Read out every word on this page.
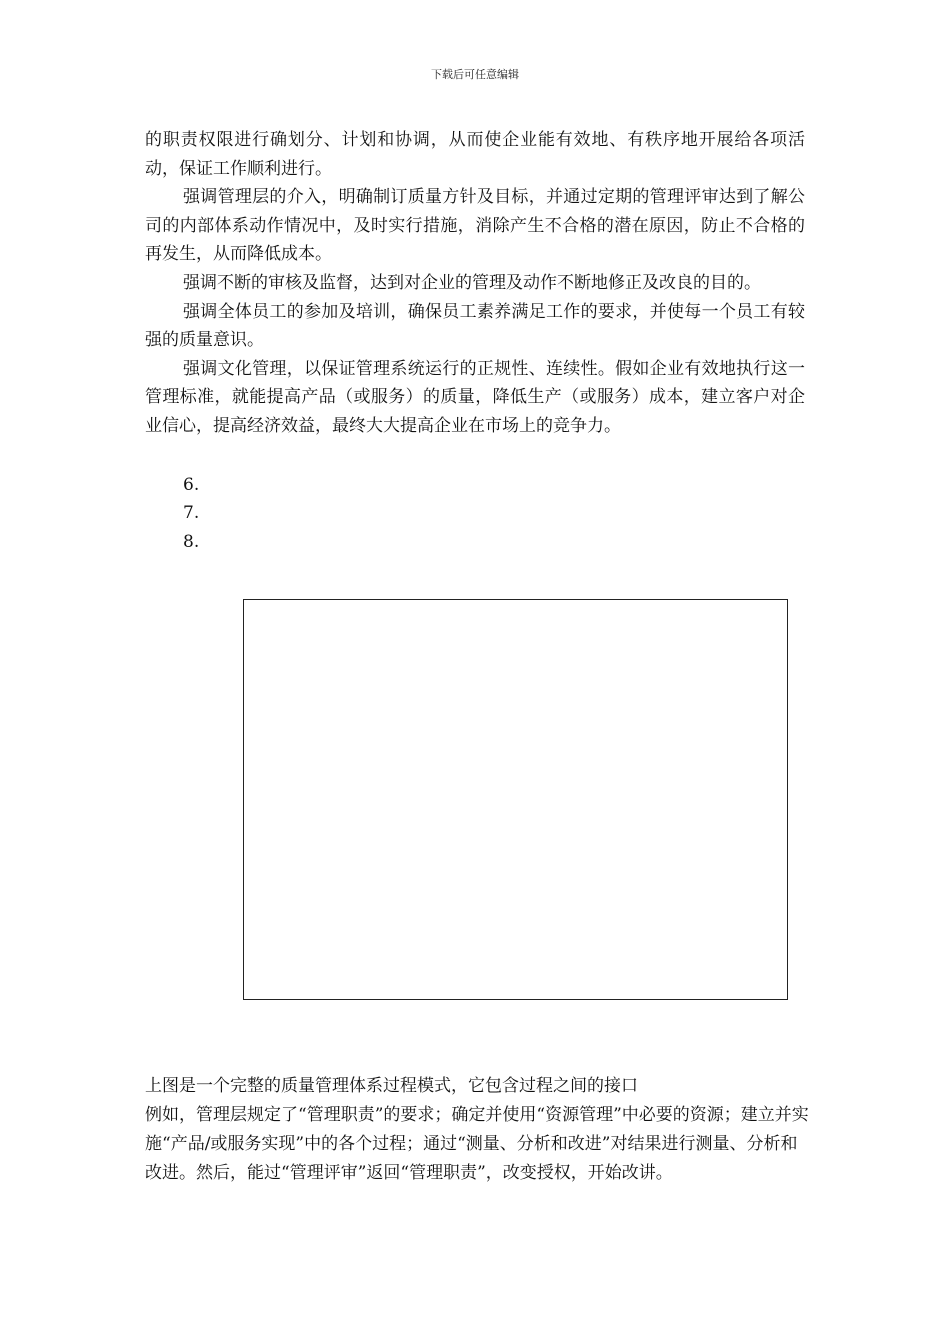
下载后可任意编辑

的职责权限进行确划分、计划和协调，从而使企业能有效地、有秩序地开展给各项活动，保证工作顺利进行。

强调管理层的介入，明确制订质量方针及目标，并通过定期的管理评审达到了解公司的内部体系动作情况中，及时实行措施，消除产生不合格的潜在原因，防止不合格的再发生，从而降低成本。

强调不断的审核及监督，达到对企业的管理及动作不断地修正及改良的目的。

强调全体员工的参加及培训，确保员工素养满足工作的要求，并使每一个员工有较强的质量意识。

强调文化管理，以保证管理系统运行的正规性、连续性。假如企业有效地执行这一管理标准，就能提高产品（或服务）的质量，降低生产（或服务）成本，建立客户对企业信心，提高经济效益，最终大大提高企业在市场上的竞争力。

6.
7.
8.

上图是一个完整的质量管理体系过程模式，它包含过程之间的接口

例如，管理层规定了“管理职责”的要求；确定并使用“资源管理”中必要的资源；建立并实施“产品/或服务实现”中的各个过程；通过“测量、分析和改进”对结果进行测量、分析和改进。然后，能过“管理评审”返回“管理职责”，改变授权，开始改讲。
